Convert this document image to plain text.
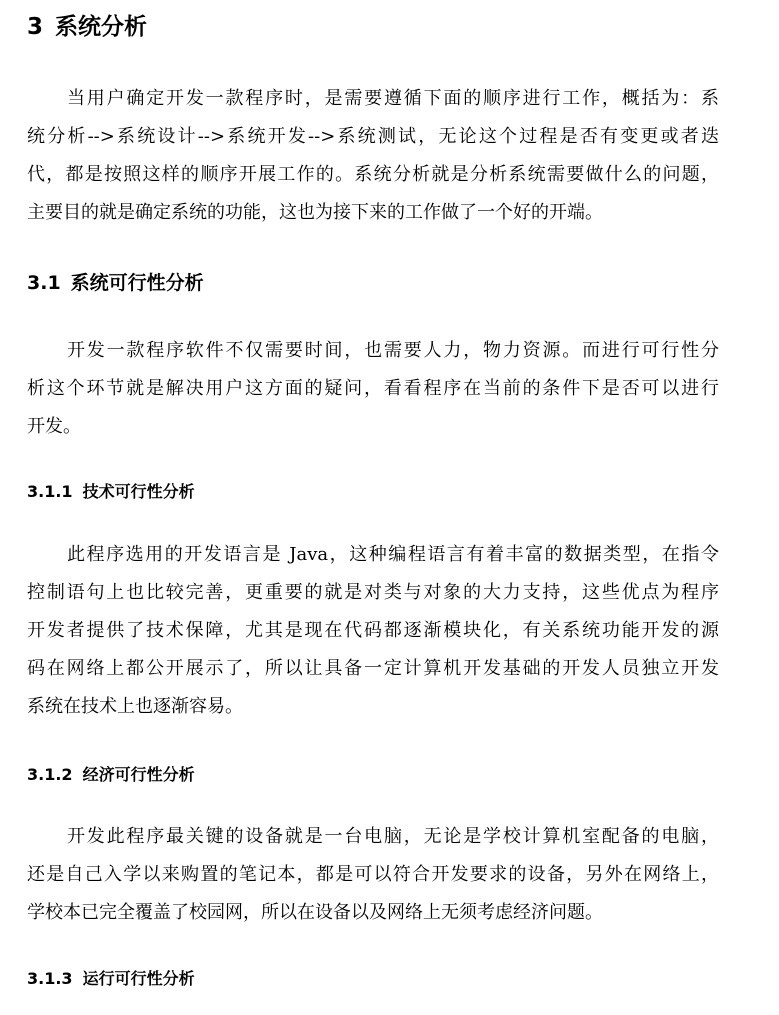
3 系统分析
当用户确定开发一款程序时，是需要遵循下面的顺序进行工作，概括为：系
统分析-->系统设计-->系统开发-->系统测试，无论这个过程是否有变更或者迭
代，都是按照这样的顺序开展工作的。系统分析就是分析系统需要做什么的问题，
主要目的就是确定系统的功能，这也为接下来的工作做了一个好的开端。
3.1 系统可行性分析
开发一款程序软件不仅需要时间，也需要人力，物力资源。而进行可行性分
析这个环节就是解决用户这方面的疑问，看看程序在当前的条件下是否可以进行
开发。
3.1.1 技术可行性分析
此程序选用的开发语言是 Java，这种编程语言有着丰富的数据类型，在指令
控制语句上也比较完善，更重要的就是对类与对象的大力支持，这些优点为程序
开发者提供了技术保障，尤其是现在代码都逐渐模块化，有关系统功能开发的源
码在网络上都公开展示了，所以让具备一定计算机开发基础的开发人员独立开发
系统在技术上也逐渐容易。
3.1.2 经济可行性分析
开发此程序最关键的设备就是一台电脑，无论是学校计算机室配备的电脑，
还是自己入学以来购置的笔记本，都是可以符合开发要求的设备，另外在网络上，
学校本已完全覆盖了校园网，所以在设备以及网络上无须考虑经济问题。
3.1.3 运行可行性分析
